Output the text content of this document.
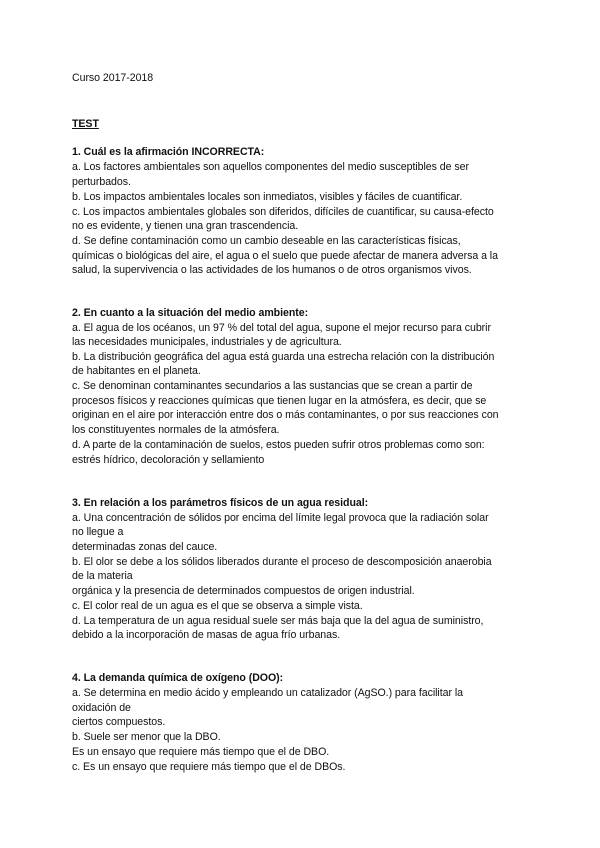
Curso 2017-2018
TEST
1. Cuál es la afirmación INCORRECTA:
a. Los factores ambientales son aquellos componentes del medio susceptibles de ser
perturbados.
b. Los impactos ambientales locales son inmediatos, visibles y fáciles de cuantificar.
c. Los impactos ambientales globales son diferidos, difíciles de cuantificar, su causa-efecto
no es evidente, y tienen una gran trascendencia.
d. Se define contaminación como un cambio deseable en las características físicas,
químicas o biológicas del aire, el agua o el suelo que puede afectar de manera adversa a la
salud, la supervivencia o las actividades de los humanos o de otros organismos vivos.
2. En cuanto a la situación del medio ambiente:
a. El agua de los océanos, un 97 % del total del agua, supone el mejor recurso para cubrir
las necesidades municipales, industriales y de agricultura.
b. La distribución geográfica del agua está guarda una estrecha relación con la distribución
de habitantes en el planeta.
c. Se denominan contaminantes secundarios a las sustancias que se crean a partir de
procesos físicos y reacciones químicas que tienen lugar en la atmósfera, es decir, que se
originan en el aire por interacción entre dos o más contaminantes, o por sus reacciones con
los constituyentes normales de la atmósfera.
d. A parte de la contaminación de suelos, estos pueden sufrir otros problemas como son:
estrés hídrico, decoloración y sellamiento
3. En relación a los parámetros físicos de un agua residual:
a. Una concentración de sólidos por encima del límite legal provoca que la radiación solar
no llegue a
determinadas zonas del cauce.
b. El olor se debe a los sólidos liberados durante el proceso de descomposición anaerobia
de la materia
orgánica y la presencia de determinados compuestos de origen industrial.
c. El color real de un agua es el que se observa a simple vista.
d. La temperatura de un agua residual suele ser más baja que la del agua de suministro,
debido a la incorporación de masas de agua frío urbanas.
4. La demanda química de oxígeno (DOO):
a. Se determina en medio ácido y empleando un catalizador (AgSO.) para facilitar la
oxidación de
ciertos compuestos.
b. Suele ser menor que la DBO.
Es un ensayo que requiere más tiempo que el de DBO.
c. Es un ensayo que requiere más tiempo que el de DBOs.
